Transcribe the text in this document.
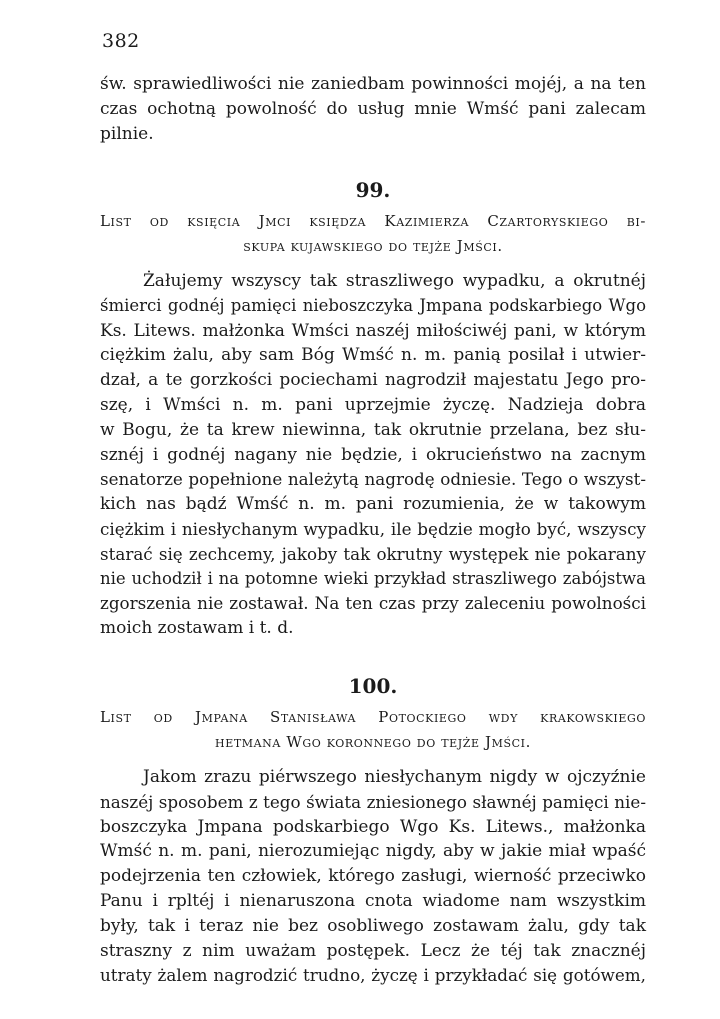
382
św. sprawiedliwości nie zaniedbam powinności mojéj, a na ten
czas ochotną powolność do usług mnie Wmść pani zalecam
pilnie.
99.
List od księcia Jmci księdza Kazimierza Czartoryskiego bi-
skupa kujawskiego do tejże Jmści.
Żałujemy wszyscy tak straszliwego wypadku, a okrutnéj
śmierci godnéj pamięci nieboszczyka Jmpana podskarbiego Wgo
Ks. Litews. małżonka Wmści naszéj miłościwéj pani, w którym
ciężkim żalu, aby sam Bóg Wmść n. m. panią posilał i utwier-
dzał, a te gorzkości pociechami nagrodził majestatu Jego pro-
szę, i Wmści n. m. pani uprzejmie życzę. Nadzieja dobra
w Bogu, że ta krew niewinna, tak okrutnie przelana, bez słu-
sznéj i godnéj nagany nie będzie, i okrucieństwo na zacnym
senatorze popełnione należytą nagrodę odniesie. Tego o wszyst-
kich nas bądź Wmść n. m. pani rozumienia, że w takowym
ciężkim i niesłychanym wypadku, ile będzie mogło być, wszyscy
starać się zechcemy, jakoby tak okrutny występek nie pokarany
nie uchodził i na potomne wieki przykład straszliwego zabójstwa
zgorszenia nie zostawał. Na ten czas przy zaleceniu powolności
moich zostawam i t. d.
100.
List od Jmpana Stanisława Potockiego wdy krakowskiego
hetmana Wgo koronnego do tejże Jmści.
Jakom zrazu piérwszego niesłychanym nigdy w ojczyźnie
naszéj sposobem z tego świata zniesionego sławnéj pamięci nie-
boszczyka Jmpana podskarbiego Wgo Ks. Litews., małżonka
Wmść n. m. pani, nierozumiejąc nigdy, aby w jakie miał wpaść
podejrzenia ten człowiek, którego zasługi, wierność przeciwko
Panu i rpltéj i nienaruszona cnota wiadome nam wszystkim
były, tak i teraz nie bez osobliwego zostawam żalu, gdy tak
straszny z nim uważam postępek. Lecz że téj tak znacznéj
utraty żalem nagrodzić trudno, życzę i przykładać się gotówem,
